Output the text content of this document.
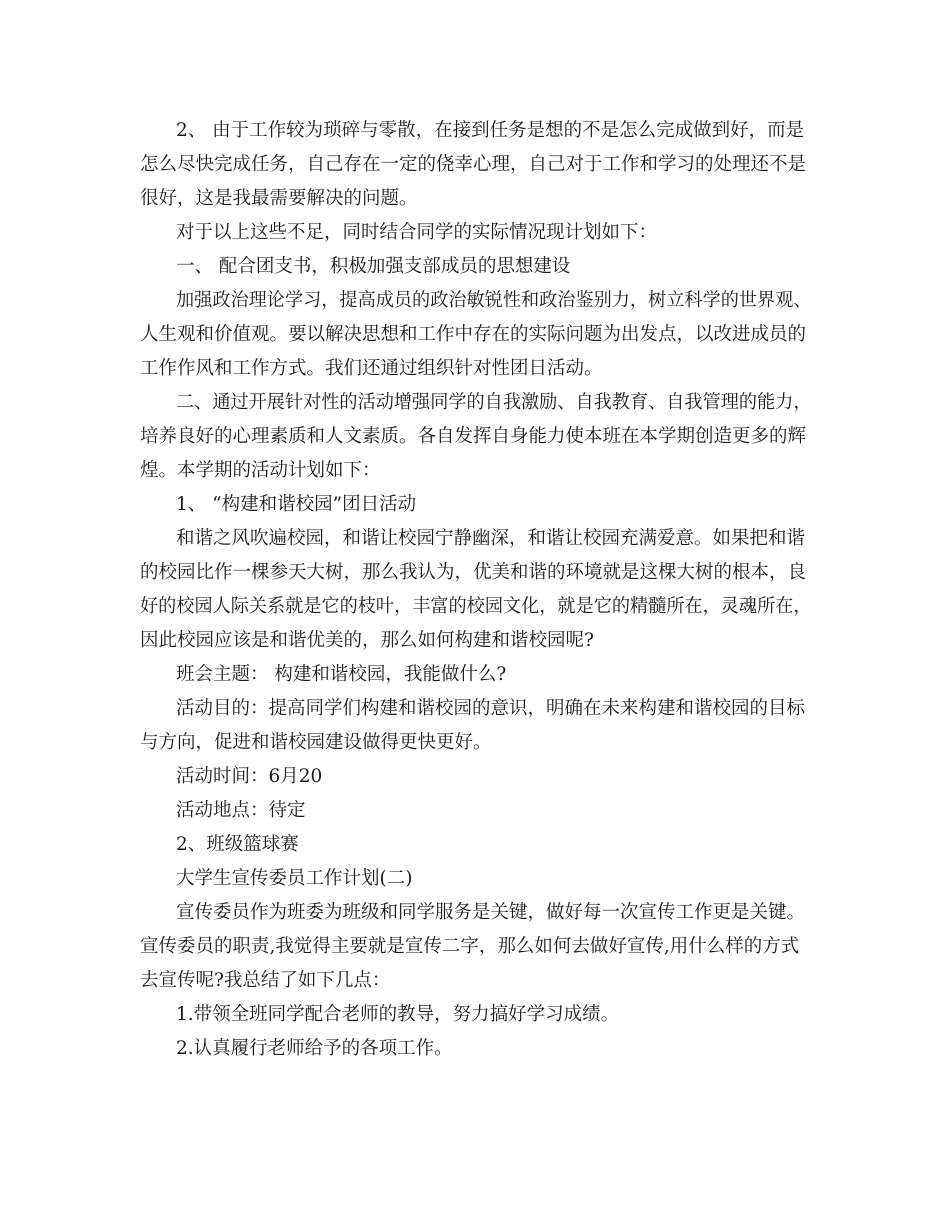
2、 由于工作较为琐碎与零散，在接到任务是想的不是怎么完成做到好，而是
怎么尽快完成任务，自己存在一定的侥幸心理，自己对于工作和学习的处理还不是
很好，这是我最需要解决的问题。
对于以上这些不足，同时结合同学的实际情况现计划如下：
一、 配合团支书，积极加强支部成员的思想建设
加强政治理论学习，提高成员的政治敏锐性和政治鉴别力，树立科学的世界观、
人生观和价值观。要以解决思想和工作中存在的实际问题为出发点，以改进成员的
工作作风和工作方式。我们还通过组织针对性团日活动。
二、通过开展针对性的活动增强同学的自我激励、自我教育、自我管理的能力，
培养良好的心理素质和人文素质。各自发挥自身能力使本班在本学期创造更多的辉
煌。本学期的活动计划如下：
1、 “构建和谐校园”团日活动
和谐之风吹遍校园，和谐让校园宁静幽深，和谐让校园充满爱意。如果把和谐
的校园比作一棵参天大树，那么我认为，优美和谐的环境就是这棵大树的根本，良
好的校园人际关系就是它的枝叶，丰富的校园文化，就是它的精髓所在，灵魂所在，
因此校园应该是和谐优美的，那么如何构建和谐校园呢?
班会主题： 构建和谐校园，我能做什么?
活动目的：提高同学们构建和谐校园的意识，明确在未来构建和谐校园的目标
与方向，促进和谐校园建设做得更快更好。
活动时间：6月20
活动地点：待定
2、班级篮球赛
大学生宣传委员工作计划(二)
宣传委员作为班委为班级和同学服务是关键，做好每一次宣传工作更是关键。
宣传委员的职责,我觉得主要就是宣传二字，那么如何去做好宣传,用什么样的方式
去宣传呢?我总结了如下几点：
1.带领全班同学配合老师的教导，努力搞好学习成绩。
2.认真履行老师给予的各项工作。
